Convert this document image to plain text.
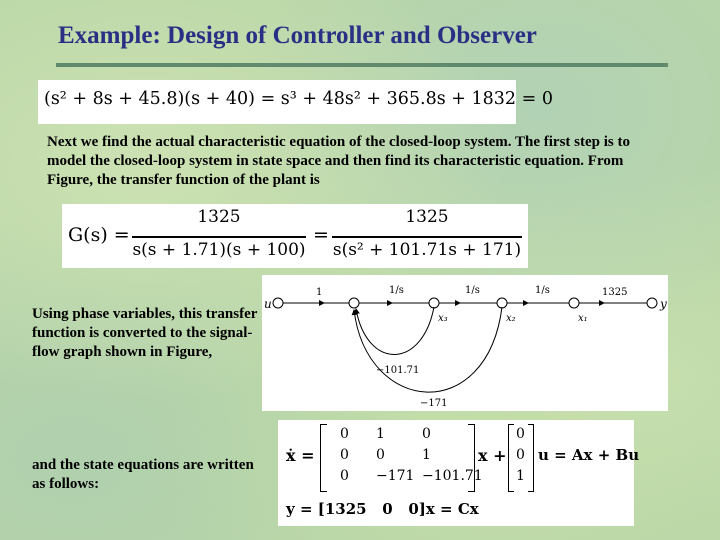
Example: Design of Controller and Observer
(s² + 8s + 45.8)(s + 40) = s³ + 48s² + 365.8s + 1832 = 0
Next we find the actual characteristic equation of the closed-loop system. The first step is to model the closed-loop system in state space and then find its characteristic equation. From Figure, the transfer function of the plant is
G(s) =
1325
s(s + 1.71)(s + 100)
=
1325
s(s² + 101.71s + 171)
Using phase variables, this transfer function is converted to the signal-flow graph shown in Figure,
u	y
1	1/s	1/s	1/s	1325
x₃	x₂	x₁
−101.71
−171
and the state equations are written as follows:
ẋ =
0	1	0
0	0	1
0	−171 −101.71
x +
0
0
1
u = Ax + Bu
y = [1325   0   0]x = Cx
